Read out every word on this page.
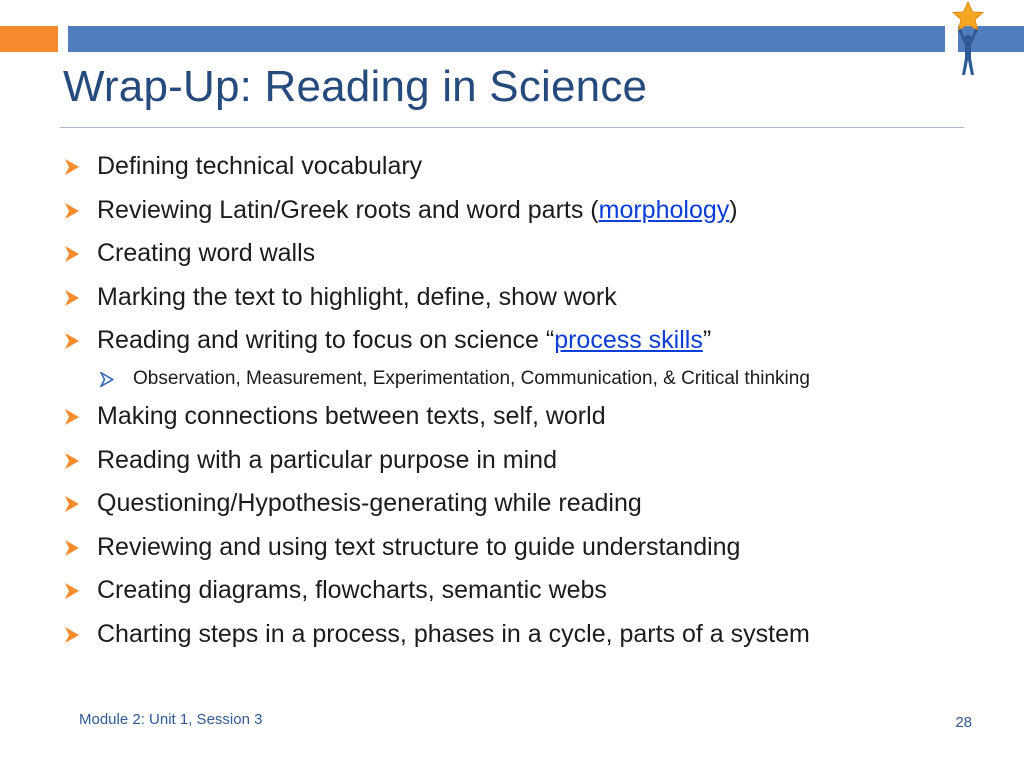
Wrap-Up: Reading in Science
Defining technical vocabulary
Reviewing Latin/Greek roots and word parts (morphology)
Creating word walls
Marking the text to highlight, define, show work
Reading and writing to focus on science “process skills”
Observation, Measurement, Experimentation, Communication, & Critical thinking
Making connections between texts, self, world
Reading with a particular purpose in mind
Questioning/Hypothesis-generating while reading
Reviewing and using text structure to guide understanding
Creating diagrams, flowcharts, semantic webs
Charting steps in a process, phases in a cycle, parts of a system
Module 2: Unit 1, Session 3	28
